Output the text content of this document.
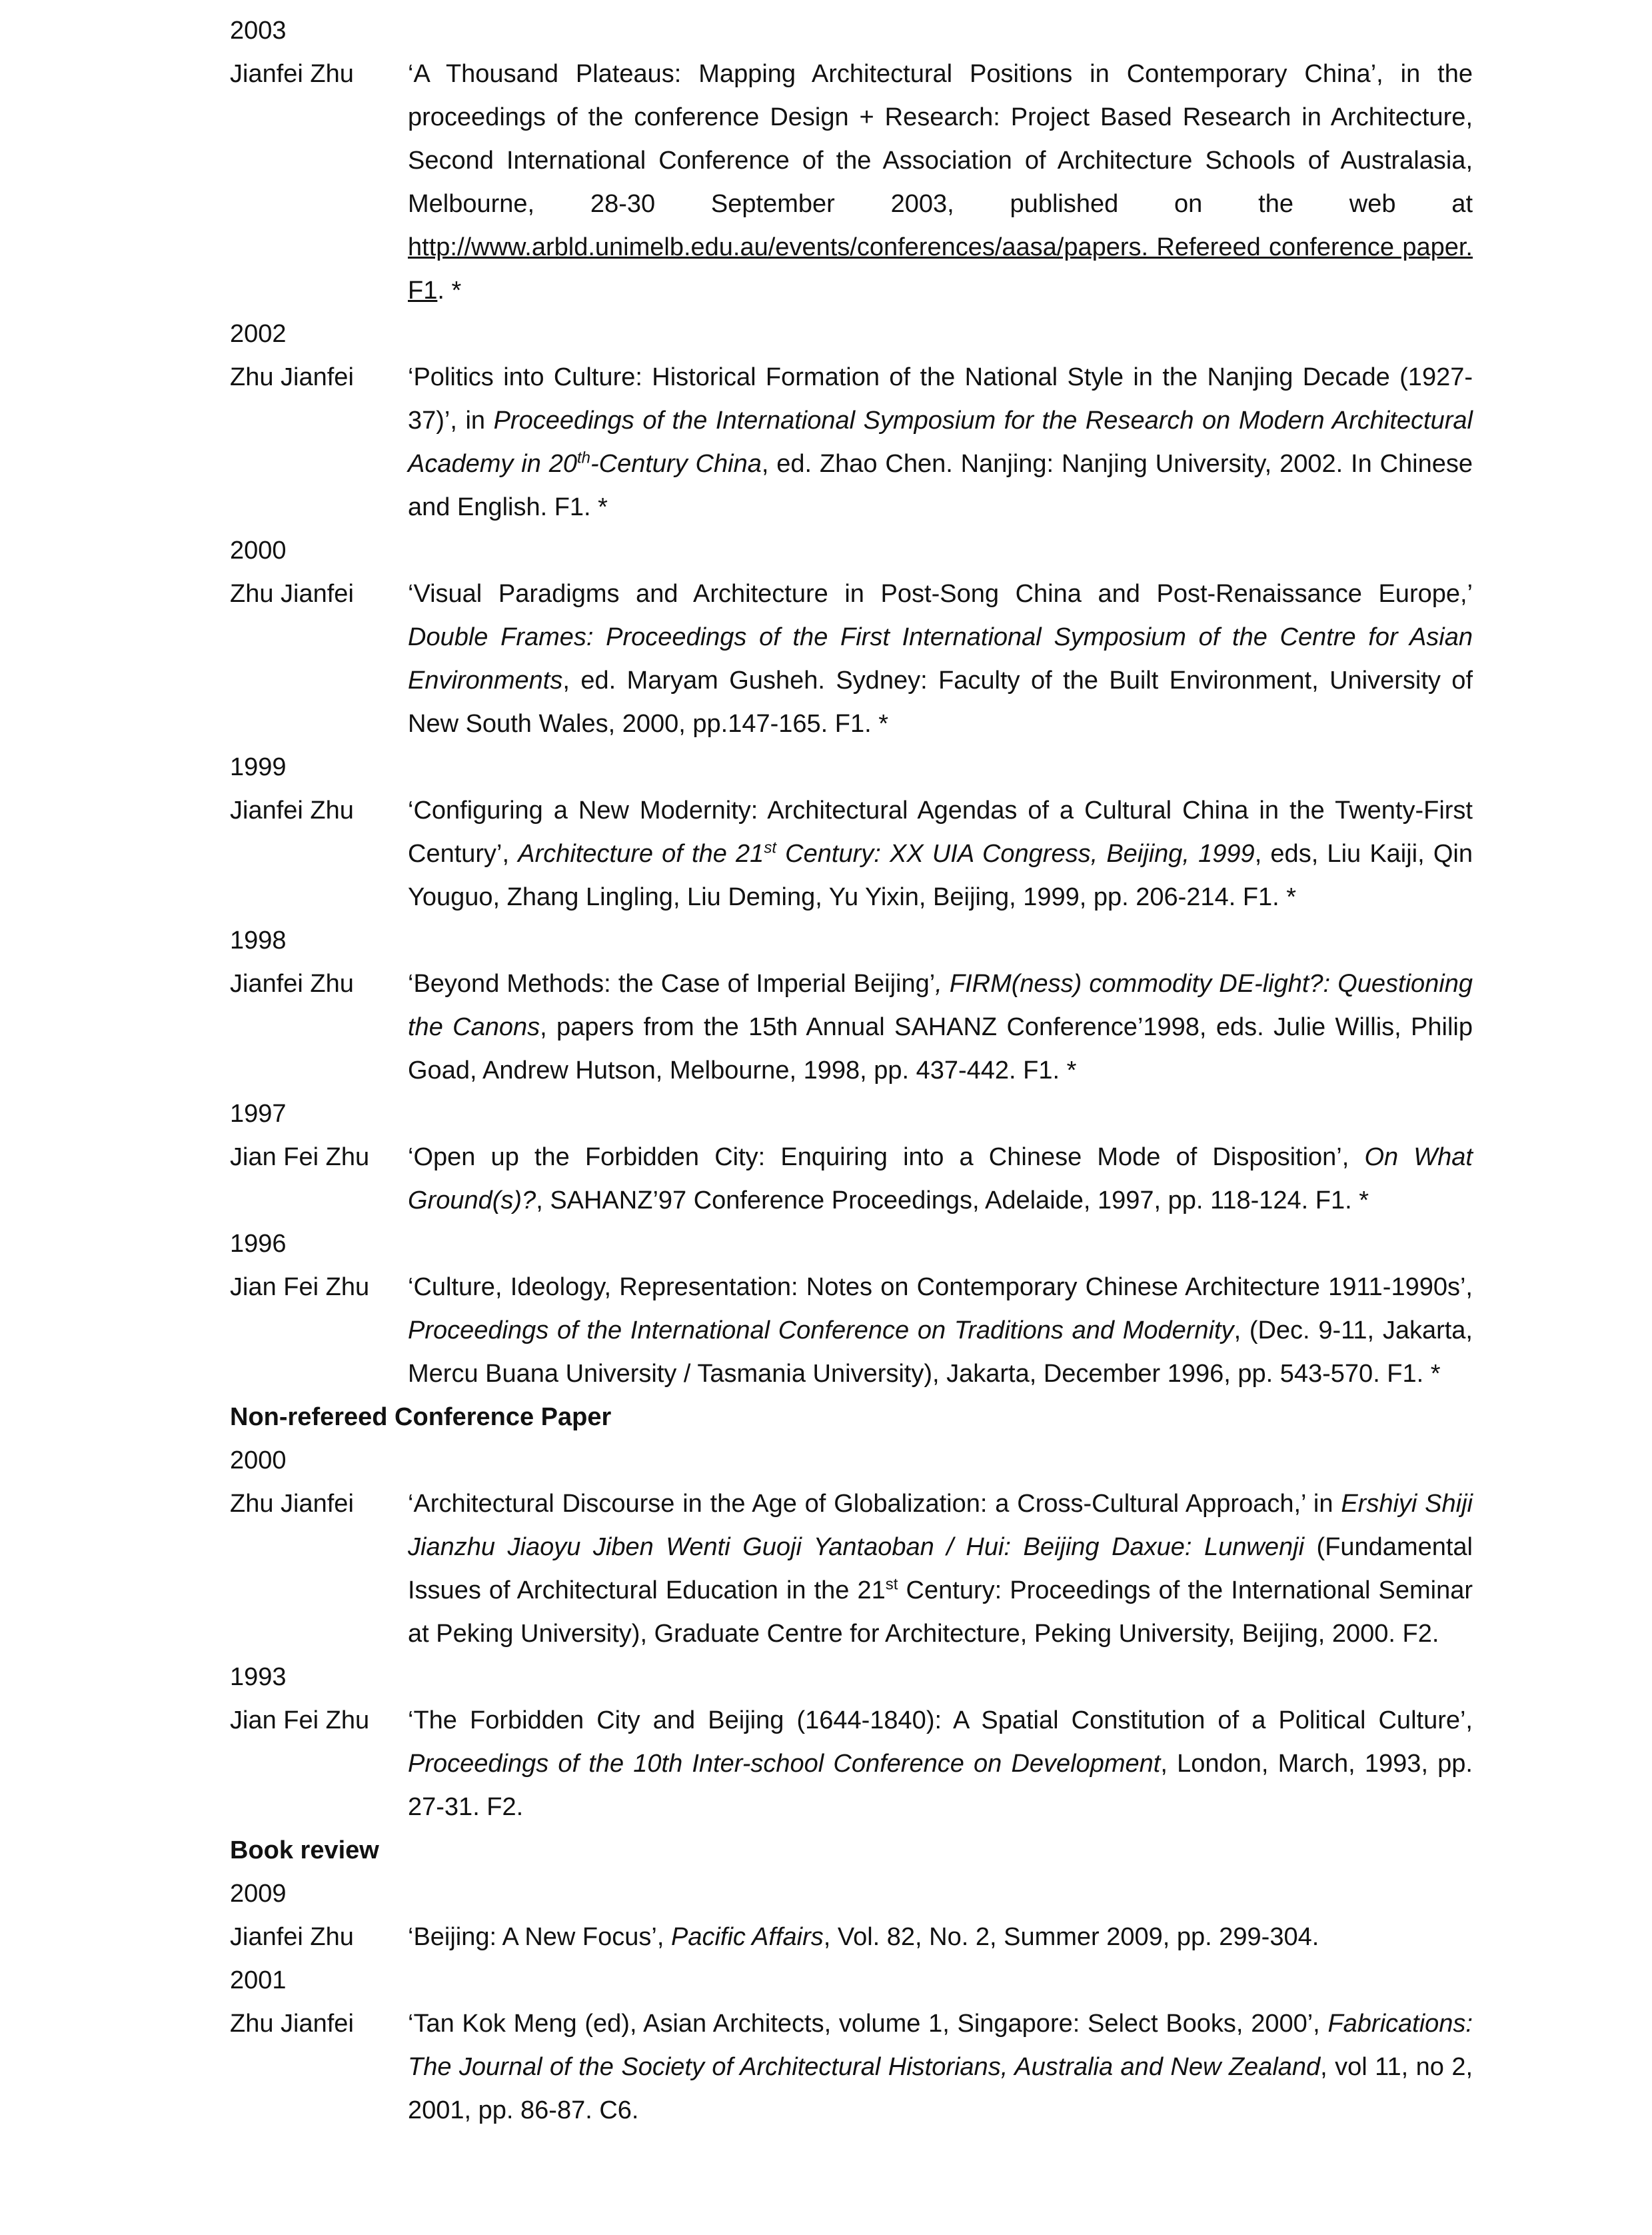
2003
Jianfei Zhu	‘A Thousand Plateaus: Mapping Architectural Positions in Contemporary China’, in the proceedings of the conference Design + Research: Project Based Research in Architecture, Second International Conference of the Association of Architecture Schools of Australasia, Melbourne, 28-30 September 2003, published on the web at http://www.arbld.unimelb.edu.au/events/conferences/aasa/papers. Refereed conference paper. F1. *
2002
Zhu Jianfei	‘Politics into Culture: Historical Formation of the National Style in the Nanjing Decade (1927-37)’, in Proceedings of the International Symposium for the Research on Modern Architectural Academy in 20th-Century China, ed. Zhao Chen. Nanjing: Nanjing University, 2002. In Chinese and English. F1. *
2000
Zhu Jianfei	‘Visual Paradigms and Architecture in Post-Song China and Post-Renaissance Europe,’ Double Frames: Proceedings of the First International Symposium of the Centre for Asian Environments, ed. Maryam Gusheh. Sydney: Faculty of the Built Environment, University of New South Wales, 2000, pp.147-165. F1. *
1999
Jianfei Zhu	‘Configuring a New Modernity: Architectural Agendas of a Cultural China in the Twenty-First Century’, Architecture of the 21st Century: XX UIA Congress, Beijing, 1999, eds, Liu Kaiji, Qin Youguo, Zhang Lingling, Liu Deming, Yu Yixin, Beijing, 1999, pp. 206-214. F1. *
1998
Jianfei Zhu	‘Beyond Methods: the Case of Imperial Beijing’, FIRM(ness) commodity DE-light?: Questioning the Canons, papers from the 15th Annual SAHANZ Conference’1998, eds. Julie Willis, Philip Goad, Andrew Hutson, Melbourne, 1998, pp. 437-442. F1. *
1997
Jian Fei Zhu	‘Open up the Forbidden City: Enquiring into a Chinese Mode of Disposition’, On What Ground(s)?, SAHANZ’97 Conference Proceedings, Adelaide, 1997, pp. 118-124. F1. *
1996
Jian Fei Zhu	‘Culture, Ideology, Representation: Notes on Contemporary Chinese Architecture 1911-1990s’, Proceedings of the International Conference on Traditions and Modernity, (Dec. 9-11, Jakarta, Mercu Buana University / Tasmania University), Jakarta, December 1996, pp. 543-570. F1. *
Non-refereed Conference Paper
2000
Zhu Jianfei	‘Architectural Discourse in the Age of Globalization: a Cross-Cultural Approach,’ in Ershiyi Shiji Jianzhu Jiaoyu Jiben Wenti Guoji Yantaoban / Hui: Beijing Daxue: Lunwenji (Fundamental Issues of Architectural Education in the 21st Century: Proceedings of the International Seminar at Peking University), Graduate Centre for Architecture, Peking University, Beijing, 2000. F2.
1993
Jian Fei Zhu	‘The Forbidden City and Beijing (1644-1840): A Spatial Constitution of a Political Culture’, Proceedings of the 10th Inter-school Conference on Development, London, March, 1993, pp. 27-31. F2.
Book review
2009
Jianfei Zhu	‘Beijing: A New Focus’, Pacific Affairs, Vol. 82, No. 2, Summer 2009, pp. 299-304.
2001
Zhu Jianfei	‘Tan Kok Meng (ed), Asian Architects, volume 1, Singapore: Select Books, 2000’, Fabrications: The Journal of the Society of Architectural Historians, Australia and New Zealand, vol 11, no 2, 2001, pp. 86-87. C6.
